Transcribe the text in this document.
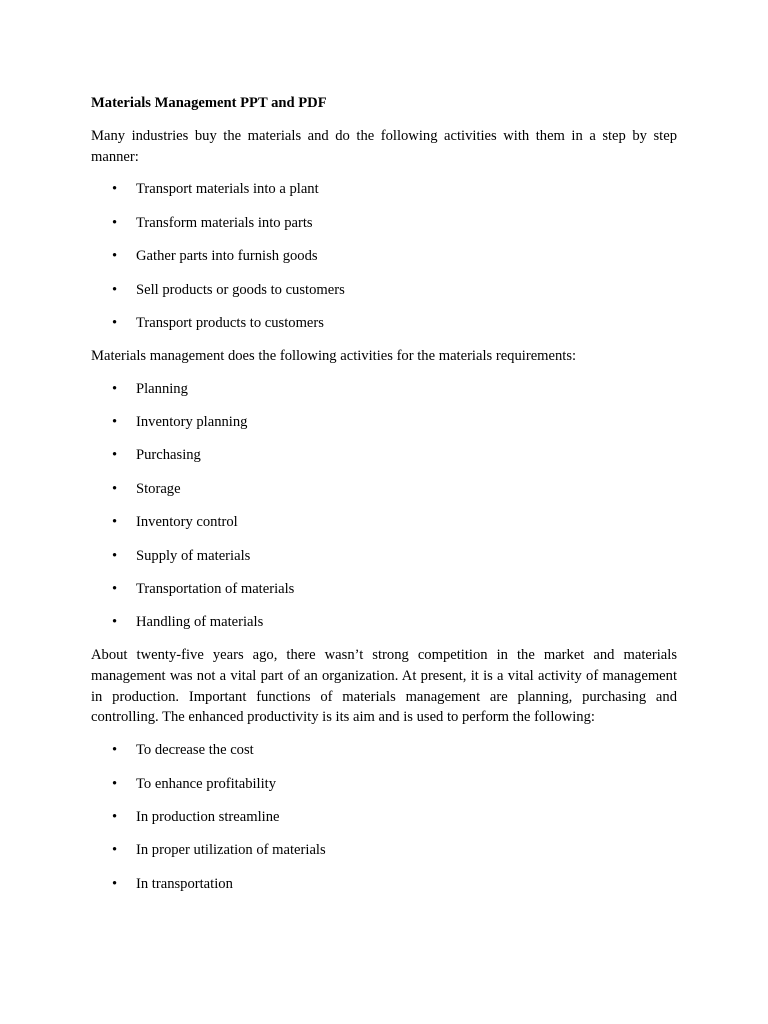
Materials Management PPT and PDF

Many industries buy the materials and do the following activities with them in a step by step manner:

• Transport materials into a plant
• Transform materials into parts
• Gather parts into furnish goods
• Sell products or goods to customers
• Transport products to customers

Materials management does the following activities for the materials requirements:

• Planning
• Inventory planning
• Purchasing
• Storage
• Inventory control
• Supply of materials
• Transportation of materials
• Handling of materials

About twenty-five years ago, there wasn’t strong competition in the market and materials management was not a vital part of an organization. At present, it is a vital activity of management in production. Important functions of materials management are planning, purchasing and controlling. The enhanced productivity is its aim and is used to perform the following:

• To decrease the cost
• To enhance profitability
• In production streamline
• In proper utilization of materials
• In transportation
